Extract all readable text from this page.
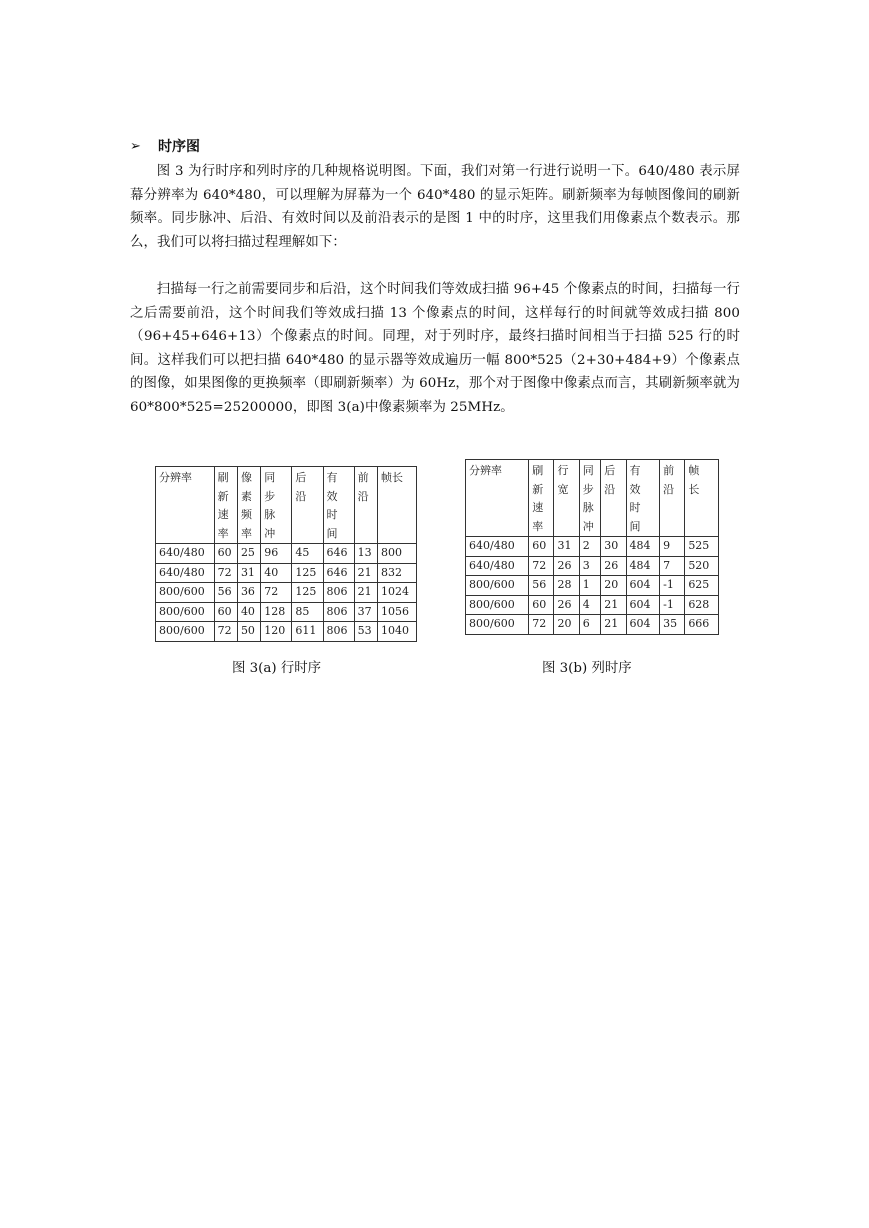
➢	时序图

图 3 为行时序和列时序的几种规格说明图。下面，我们对第一行进行说明一下。640/480 表示屏幕分辨率为 640*480，可以理解为屏幕为一个 640*480 的显示矩阵。刷新频率为每帧图像间的刷新频率。同步脉冲、后沿、有效时间以及前沿表示的是图 1 中的时序，这里我们用像素点个数表示。那么，我们可以将扫描过程理解如下：

扫描每一行之前需要同步和后沿，这个时间我们等效成扫描 96+45 个像素点的时间，扫描每一行之后需要前沿，这个时间我们等效成扫描 13 个像素点的时间，这样每行的时间就等效成扫描 800（96+45+646+13）个像素点的时间。同理，对于列时序，最终扫描时间相当于扫描 525 行的时间。这样我们可以把扫描 640*480 的显示器等效成遍历一幅 800*525（2+30+484+9）个像素点的图像，如果图像的更换频率（即刷新频率）为 60Hz，那个对于图像中像素点而言，其刷新频率就为 60*800*525=25200000，即图 3(a)中像素频率为 25MHz。

分辨率	刷
新
速
率	像
素
频
率	同
步
脉
冲	后
沿	有
效
时
间	前
沿	帧长

640/480	60	25	96	45	646	13	800
640/480	72	31	40	125	646	21	832
800/600	56	36	72	125	806	21	1024
800/600	60	40	128	85	806	37	1056
800/600	72	50	120	611	806	53	1040
图 3(a) 行时序
分辨率	刷
新
速
率	行
宽	同
步
脉
冲	后
沿	有
效
时
间	前
沿	帧
长

640/480	60	31	2	30	484	9	525
640/480	72	26	3	26	484	7	520
800/600	56	28	1	20	604	-1	625
800/600	60	26	4	21	604	-1	628
800/600	72	20	6	21	604	35	666
图 3(b) 列时序
